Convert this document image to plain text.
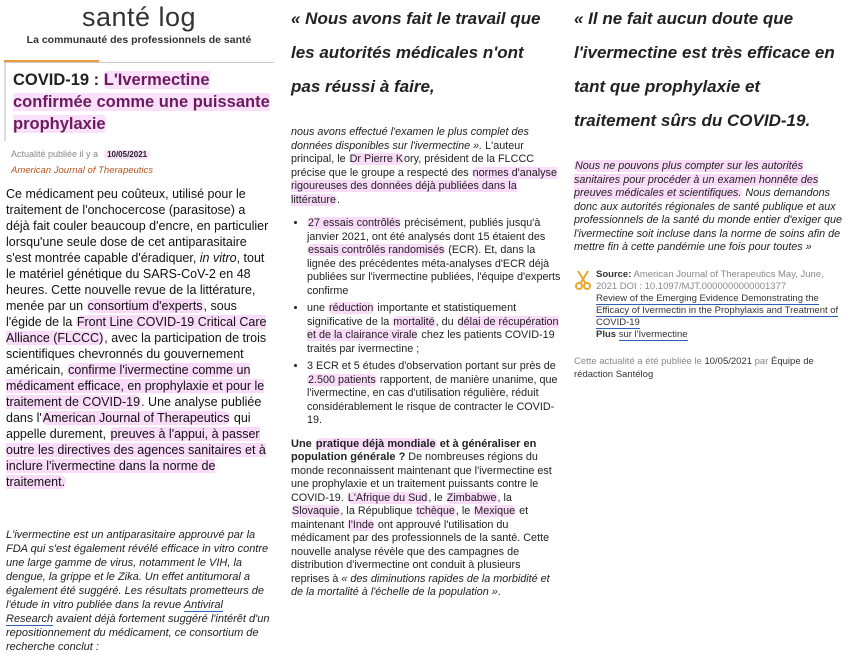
santé log
La communauté des professionnels de santé
COVID-19 : L'Ivermectine confirmée comme une puissante prophylaxie
Actualité publiée il y a 10/05/2021
American Journal of Therapeutics
Ce médicament peu coûteux, utilisé pour le traitement de l'onchocercose (parasitose) a déjà fait couler beaucoup d'encre, en particulier lorsqu'une seule dose de cet antiparasitaire s'est montrée capable d'éradiquer, in vitro, tout le matériel génétique du SARS-CoV-2 en 48 heures. Cette nouvelle revue de la littérature, menée par un consortium d'experts, sous l'égide de la Front Line COVID-19 Critical Care Alliance (FLCCC), avec la participation de trois scientifiques chevronnés du gouvernement américain, confirme l'ivermectine comme un médicament efficace, en prophylaxie et pour le traitement de COVID-19. Une analyse publiée dans l'American Journal of Therapeutics qui appelle durement, preuves à l'appui, à passer outre les directives des agences sanitaires et à inclure l'ivermectine dans la norme de traitement.
L'ivermectine est un antiparasitaire approuvé par la FDA qui s'est également révélé efficace in vitro contre une large gamme de virus, notamment le VIH, la dengue, la grippe et le Zika. Un effet antitumoral a également été suggéré. Les résultats prometteurs de l'étude in vitro publiée dans la revue Antiviral Research avaient déjà fortement suggéré l'intérêt d'un repositionnement du médicament, ce consortium de recherche conclut :
« Nous avons fait le travail que les autorités médicales n'ont pas réussi à faire,
nous avons effectué l'examen le plus complet des données disponibles sur l'ivermectine ». L'auteur principal, le Dr Pierre Kory, président de la FLCCC précise que le groupe a respecté des normes d'analyse rigoureuses des données déjà publiées dans la littérature.
• 27 essais contrôlés précisément, publiés jusqu'à janvier 2021, ont été analysés dont 15 étaient des essais contrôlés randomisés (ECR). Et, dans la lignée des précédentes méta-analyses d'ECR déjà publiées sur l'ivermectine publiées, l'équipe d'experts confirme
• une réduction importante et statistiquement significative de la mortalité, du délai de récupération et de la clairance virale chez les patients COVID-19 traités par ivermectine ;
• 3 ECR et 5 études d'observation portant sur près de 2.500 patients rapportent, de manière unanime, que l'ivermectine, en cas d'utilisation régulière, réduit considérablement le risque de contracter le COVID-19.
Une pratique déjà mondiale et à généraliser en population générale ? De nombreuses régions du monde reconnaissent maintenant que l'ivermectine est une prophylaxie et un traitement puissants contre le COVID-19. L'Afrique du Sud, le Zimbabwe, la Slovaquie, la République tchèque, le Mexique et maintenant l'Inde ont approuvé l'utilisation du médicament par des professionnels de la santé. Cette nouvelle analyse révèle que des campagnes de distribution d'ivermectine ont conduit à plusieurs reprises à « des diminutions rapides de la morbidité et de la mortalité à l'échelle de la population ».
« Il ne fait aucun doute que l'ivermectine est très efficace en tant que prophylaxie et traitement sûrs du COVID-19.
Nous ne pouvons plus compter sur les autorités sanitaires pour procéder à un examen honnête des preuves médicales et scientifiques. Nous demandons donc aux autorités régionales de santé publique et aux professionnels de la santé du monde entier d'exiger que l'ivermectine soit incluse dans la norme de soins afin de mettre fin à cette pandémie une fois pour toutes »
Source: American Journal of Therapeutics May, June, 2021 DOI : 10.1097/MJT.0000000000001377
Review of the Emerging Evidence Demonstrating the Efficacy of Ivermectin in the Prophylaxis and Treatment of COVID-19
Plus sur l'Ivermectine
Cette actualité a été publiée le 10/05/2021 par Équipe de rédaction Santélog
